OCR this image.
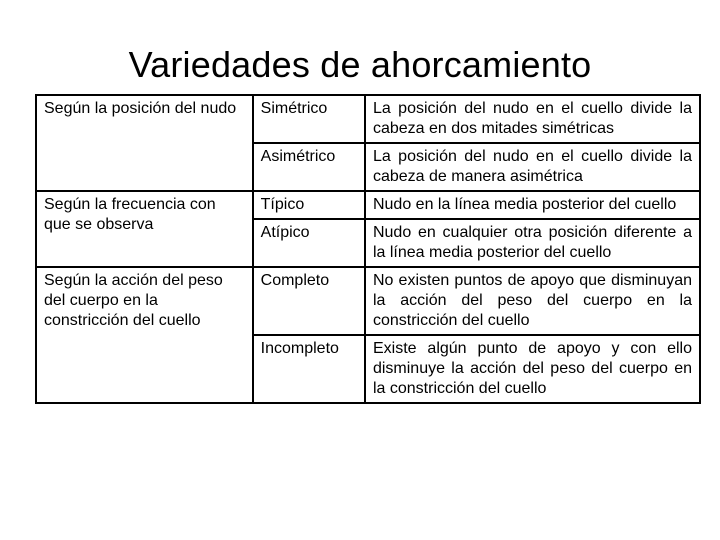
Variedades de ahorcamiento
Según la posición del nudo	Simétrico	La posición del nudo en el cuello divide la cabeza en dos mitades simétricas
	Asimétrico	La posición del nudo en el cuello divide la cabeza de manera asimétrica
Según la frecuencia con que se observa	Típico	Nudo en la línea media posterior del cuello
	Atípico	Nudo en cualquier otra posición diferente a la línea media posterior del cuello
Según la acción del peso del cuerpo en la constricción del cuello	Completo	No existen puntos de apoyo que disminuyan la acción del peso del cuerpo en la constricción del cuello
	Incompleto	Existe algún punto de apoyo y con ello disminuye la acción del peso del cuerpo en la constricción del cuello
